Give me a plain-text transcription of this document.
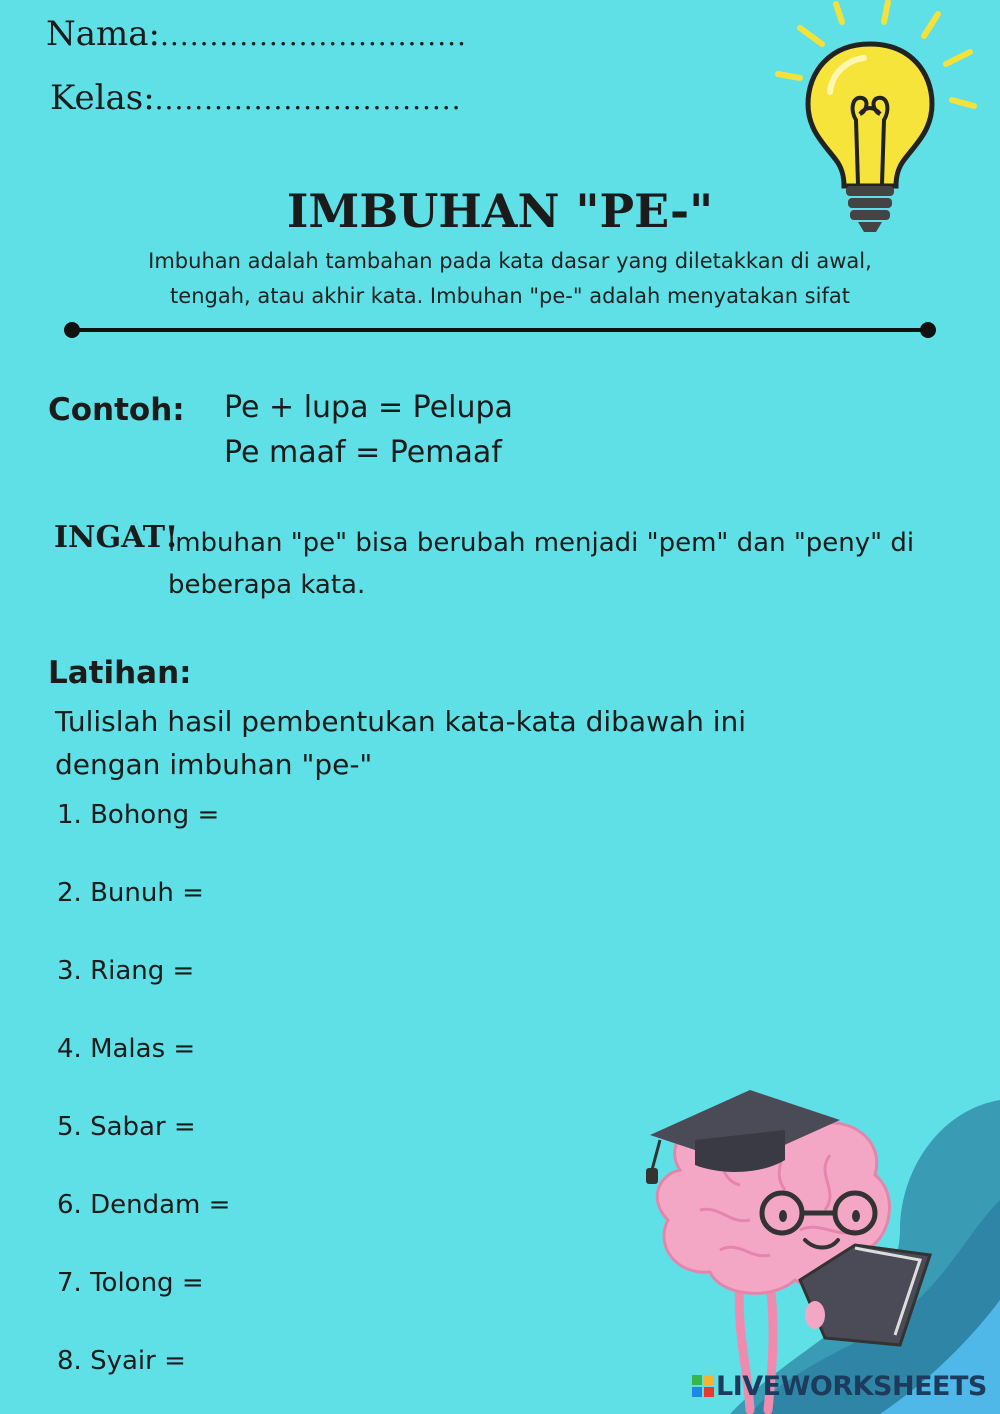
Nama:...............................
Kelas:...............................
IMBUHAN "PE-"
Imbuhan adalah tambahan pada kata dasar yang diletakkan di awal,
tengah, atau akhir kata. Imbuhan "pe-" adalah menyatakan sifat
Contoh: Pe + lupa = Pelupa
Pe maaf = Pemaaf
INGAT!
imbuhan "pe" bisa berubah menjadi "pem" dan "peny" di beberapa kata.
Latihan:
Tulislah hasil pembentukan kata-kata dibawah ini
dengan imbuhan "pe-"
1. Bohong =
2. Bunuh =
3. Riang =
4. Malas =
5. Sabar =
6. Dendam =
7. Tolong =
8. Syair =
LIVEWORKSHEETS
